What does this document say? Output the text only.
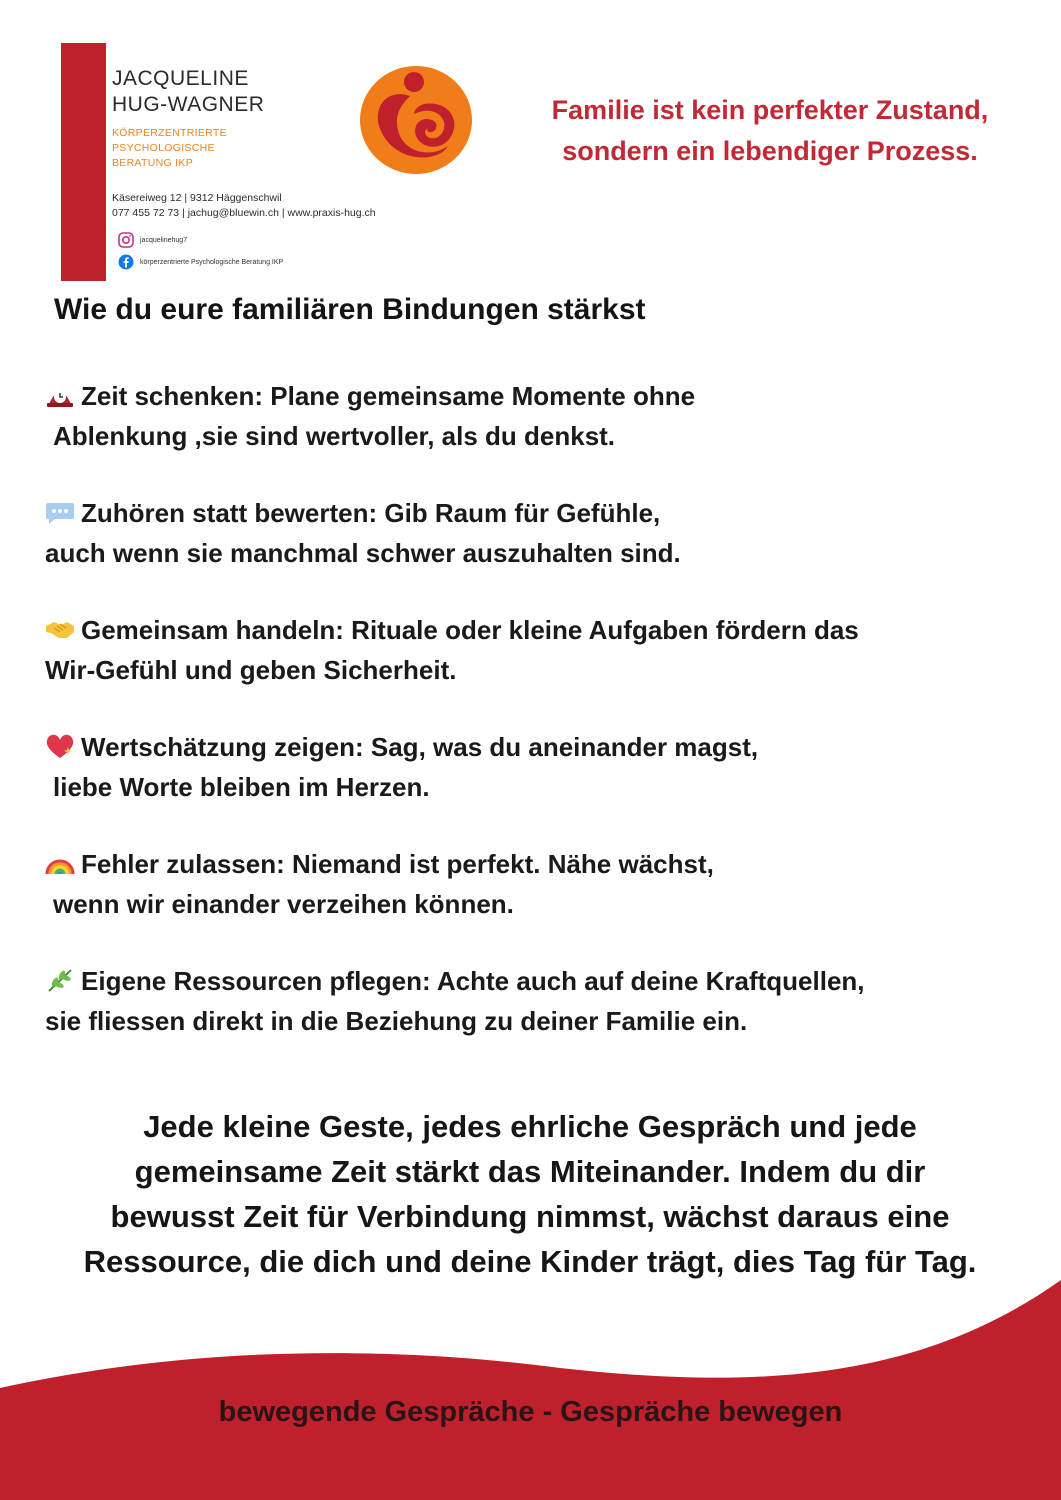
JACQUELINE
HUG-WAGNER
KÖRPERZENTRIERTE
PSYCHOLOGISCHE
BERATUNG IKP
Käsereiweg 12 | 9312 Häggenschwil
077 455 72 73 | jachug@bluewin.ch | www.praxis-hug.ch
jacquelinehug7
körperzentrierte Psychologische Beratung IKP
Familie ist kein perfekter Zustand,
sondern ein lebendiger Prozess.
Wie du eure familiären Bindungen stärkst
Zeit schenken: Plane gemeinsame Momente ohne
Ablenkung ,sie sind wertvoller, als du denkst.
Zuhören statt bewerten: Gib Raum für Gefühle,
auch wenn sie manchmal schwer auszuhalten sind.
Gemeinsam handeln: Rituale oder kleine Aufgaben fördern das
Wir-Gefühl und geben Sicherheit.
Wertschätzung zeigen: Sag, was du aneinander magst,
liebe Worte bleiben im Herzen.
Fehler zulassen: Niemand ist perfekt. Nähe wächst,
wenn wir einander verzeihen können.
Eigene Ressourcen pflegen: Achte auch auf deine Kraftquellen,
sie fliessen direkt in die Beziehung zu deiner Familie ein.
Jede kleine Geste, jedes ehrliche Gespräch und jede
gemeinsame Zeit stärkt das Miteinander. Indem du dir
bewusst Zeit für Verbindung nimmst, wächst daraus eine
Ressource, die dich und deine Kinder trägt, dies Tag für Tag.
bewegende Gespräche - Gespräche bewegen
